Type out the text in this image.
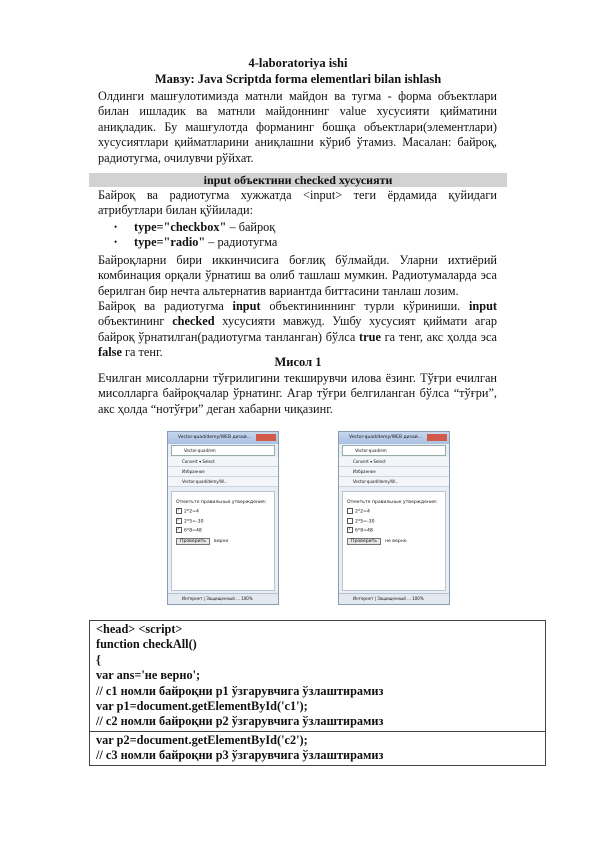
4-laboratoriya ishi
Мавзу: Java Scriptda forma elementlari bilan ishlash
Олдинги машғулотимизда матнли майдон ва тугма - форма объектлари билан ишладик ва матнли майдоннинг value хусусияти қийматини аниқладик. Бу машғулотда форманинг бошқа объектлари(элементлари) хусусиятлари қийматларини аниқлашни кўриб ўтамиз. Масалан: байроқ, радиотугма, очилувчи рўйхат.
input объектини checked хусусияти
Байроқ ва радиотугма хужжатда <input> теги ёрдамида қуйидаги атрибутлари билан қўйилади:
• type="checkbox" – байроқ
• type="radio" – радиотугма
Байроқларни бири иккинчисига боғлиқ бўлмайди. Уларни ихтиёрий комбинация орқали ўрнатиш ва олиб ташлаш мумкин. Радиотумаларда эса берилган бир нечта альтернатив вариантда биттасини танлаш лозим.
Байроқ ва радиотугма input объектининнинг турли кўриниши. input объектининг checked хусусияти мавжуд. Ушбу хусусият қиймати агар байроқ ўрнатилган(радиотугма танланган) бўлса true га тенг, акс ҳолда эса false га тенг.
Мисол 1
Ечилган мисолларни тўғрилигини текширувчи илова ёзинг. Тўғри ечилган мисолларга байроқчалар ўрнатинг. Агар тўғри белгиланган бўлса “тўғри”, акс ҳолда “нотўғри” деган хабарни чиқазинг.
Vector-quad/demy/WEB дизай...
Vector-quad/em
Convert ▾ Select
Избранное
Vector-quad/demy/W...
Отметьте правильные утверждения:
✓2*2=4
✓2*5=-30
✓6*8=48
Проверить верно
Интернет | Защищенный ... 100%
Vector-quad/demy/WEB дизай...
Vector-quad/em
Convert ▾ Select
Избранное
Vector-quad/demy/W...
Отметьте правильные утверждения:
2*2=4
2*5=-30
✓6*8=48
Проверить не верно
Интернет | Защищенный ... 100%
<head> <script>
function checkAll()
{
var ans='не верно';
// c1 номли байроқни p1 ўзгарувчига ўзлаштирамиз
var p1=document.getElementById('c1');
// c2 номли байроқни p2 ўзгарувчига ўзлаштирамиз
var p2=document.getElementById('c2');
// c3 номли байроқни p3 ўзгарувчига ўзлаштирамиз
